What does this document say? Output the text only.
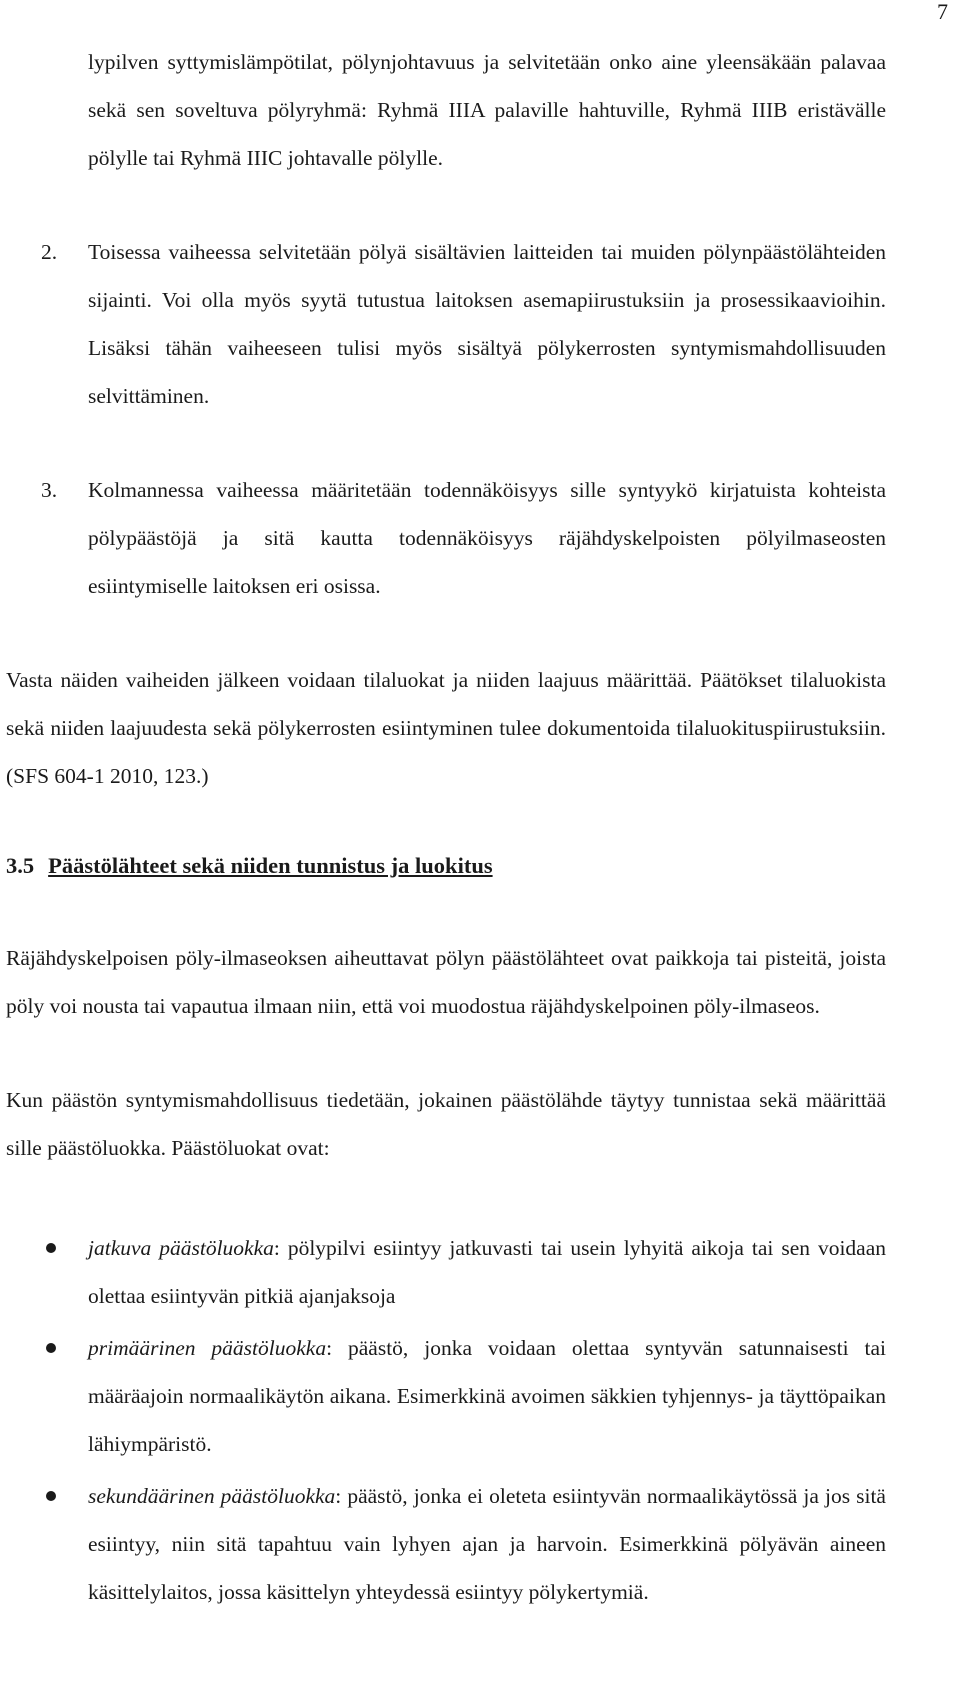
7

lypilven syttymislämpötilat, pölynjohtavuus ja selvitetään onko aine yleensäkään palavaa sekä sen soveltuva pölyryhmä: Ryhmä IIIA palaville hahtuville, Ryhmä IIIB eristävälle pölylle tai Ryhmä IIIC johtavalle pölylle.

2. Toisessa vaiheessa selvitetään pölyä sisältävien laitteiden tai muiden pölynpäästölähteiden sijainti. Voi olla myös syytä tutustua laitoksen asemapiirustuksiin ja prosessikaavioihin. Lisäksi tähän vaiheeseen tulisi myös sisältyä pölykerrosten syntymismahdollisuuden selvittäminen.
3. Kolmannessa vaiheessa määritetään todennäköisyys sille syntyykö kirjatuista kohteista pölypäästöjä ja sitä kautta todennäköisyys räjähdyskelpoisten pölyilmaseosten esiintymiselle laitoksen eri osissa.

Vasta näiden vaiheiden jälkeen voidaan tilaluokat ja niiden laajuus määrittää. Päätökset tilaluokista sekä niiden laajuudesta sekä pölykerrosten esiintyminen tulee dokumentoida tilaluokituspiirustuksiin. (SFS 604-1 2010, 123.)

3.5 Päästölähteet sekä niiden tunnistus ja luokitus

Räjähdyskelpoisen pöly-ilmaseoksen aiheuttavat pölyn päästölähteet ovat paikkoja tai pisteitä, joista pöly voi nousta tai vapautua ilmaan niin, että voi muodostua räjähdyskelpoinen pöly-ilmaseos.

Kun päästön syntymismahdollisuus tiedetään, jokainen päästölähde täytyy tunnistaa sekä määrittää sille päästöluokka. Päästöluokat ovat:

jatkuva päästöluokka: pölypilvi esiintyy jatkuvasti tai usein lyhyitä aikoja tai sen voidaan olettaa esiintyvän pitkiä ajanjaksoja
primäärinen päästöluokka: päästö, jonka voidaan olettaa syntyvän satunnaisesti tai määräajoin normaalikäytön aikana. Esimerkkinä avoimen säkkien tyhjennys- ja täyttöpaikan lähiympäristö.
sekundäärinen päästöluokka: päästö, jonka ei oleteta esiintyvän normaalikäytössä ja jos sitä esiintyy, niin sitä tapahtuu vain lyhyen ajan ja harvoin. Esimerkkinä pölyävän aineen käsittelylaitos, jossa käsittelyn yhteydessä esiintyy pölykertymiä.
